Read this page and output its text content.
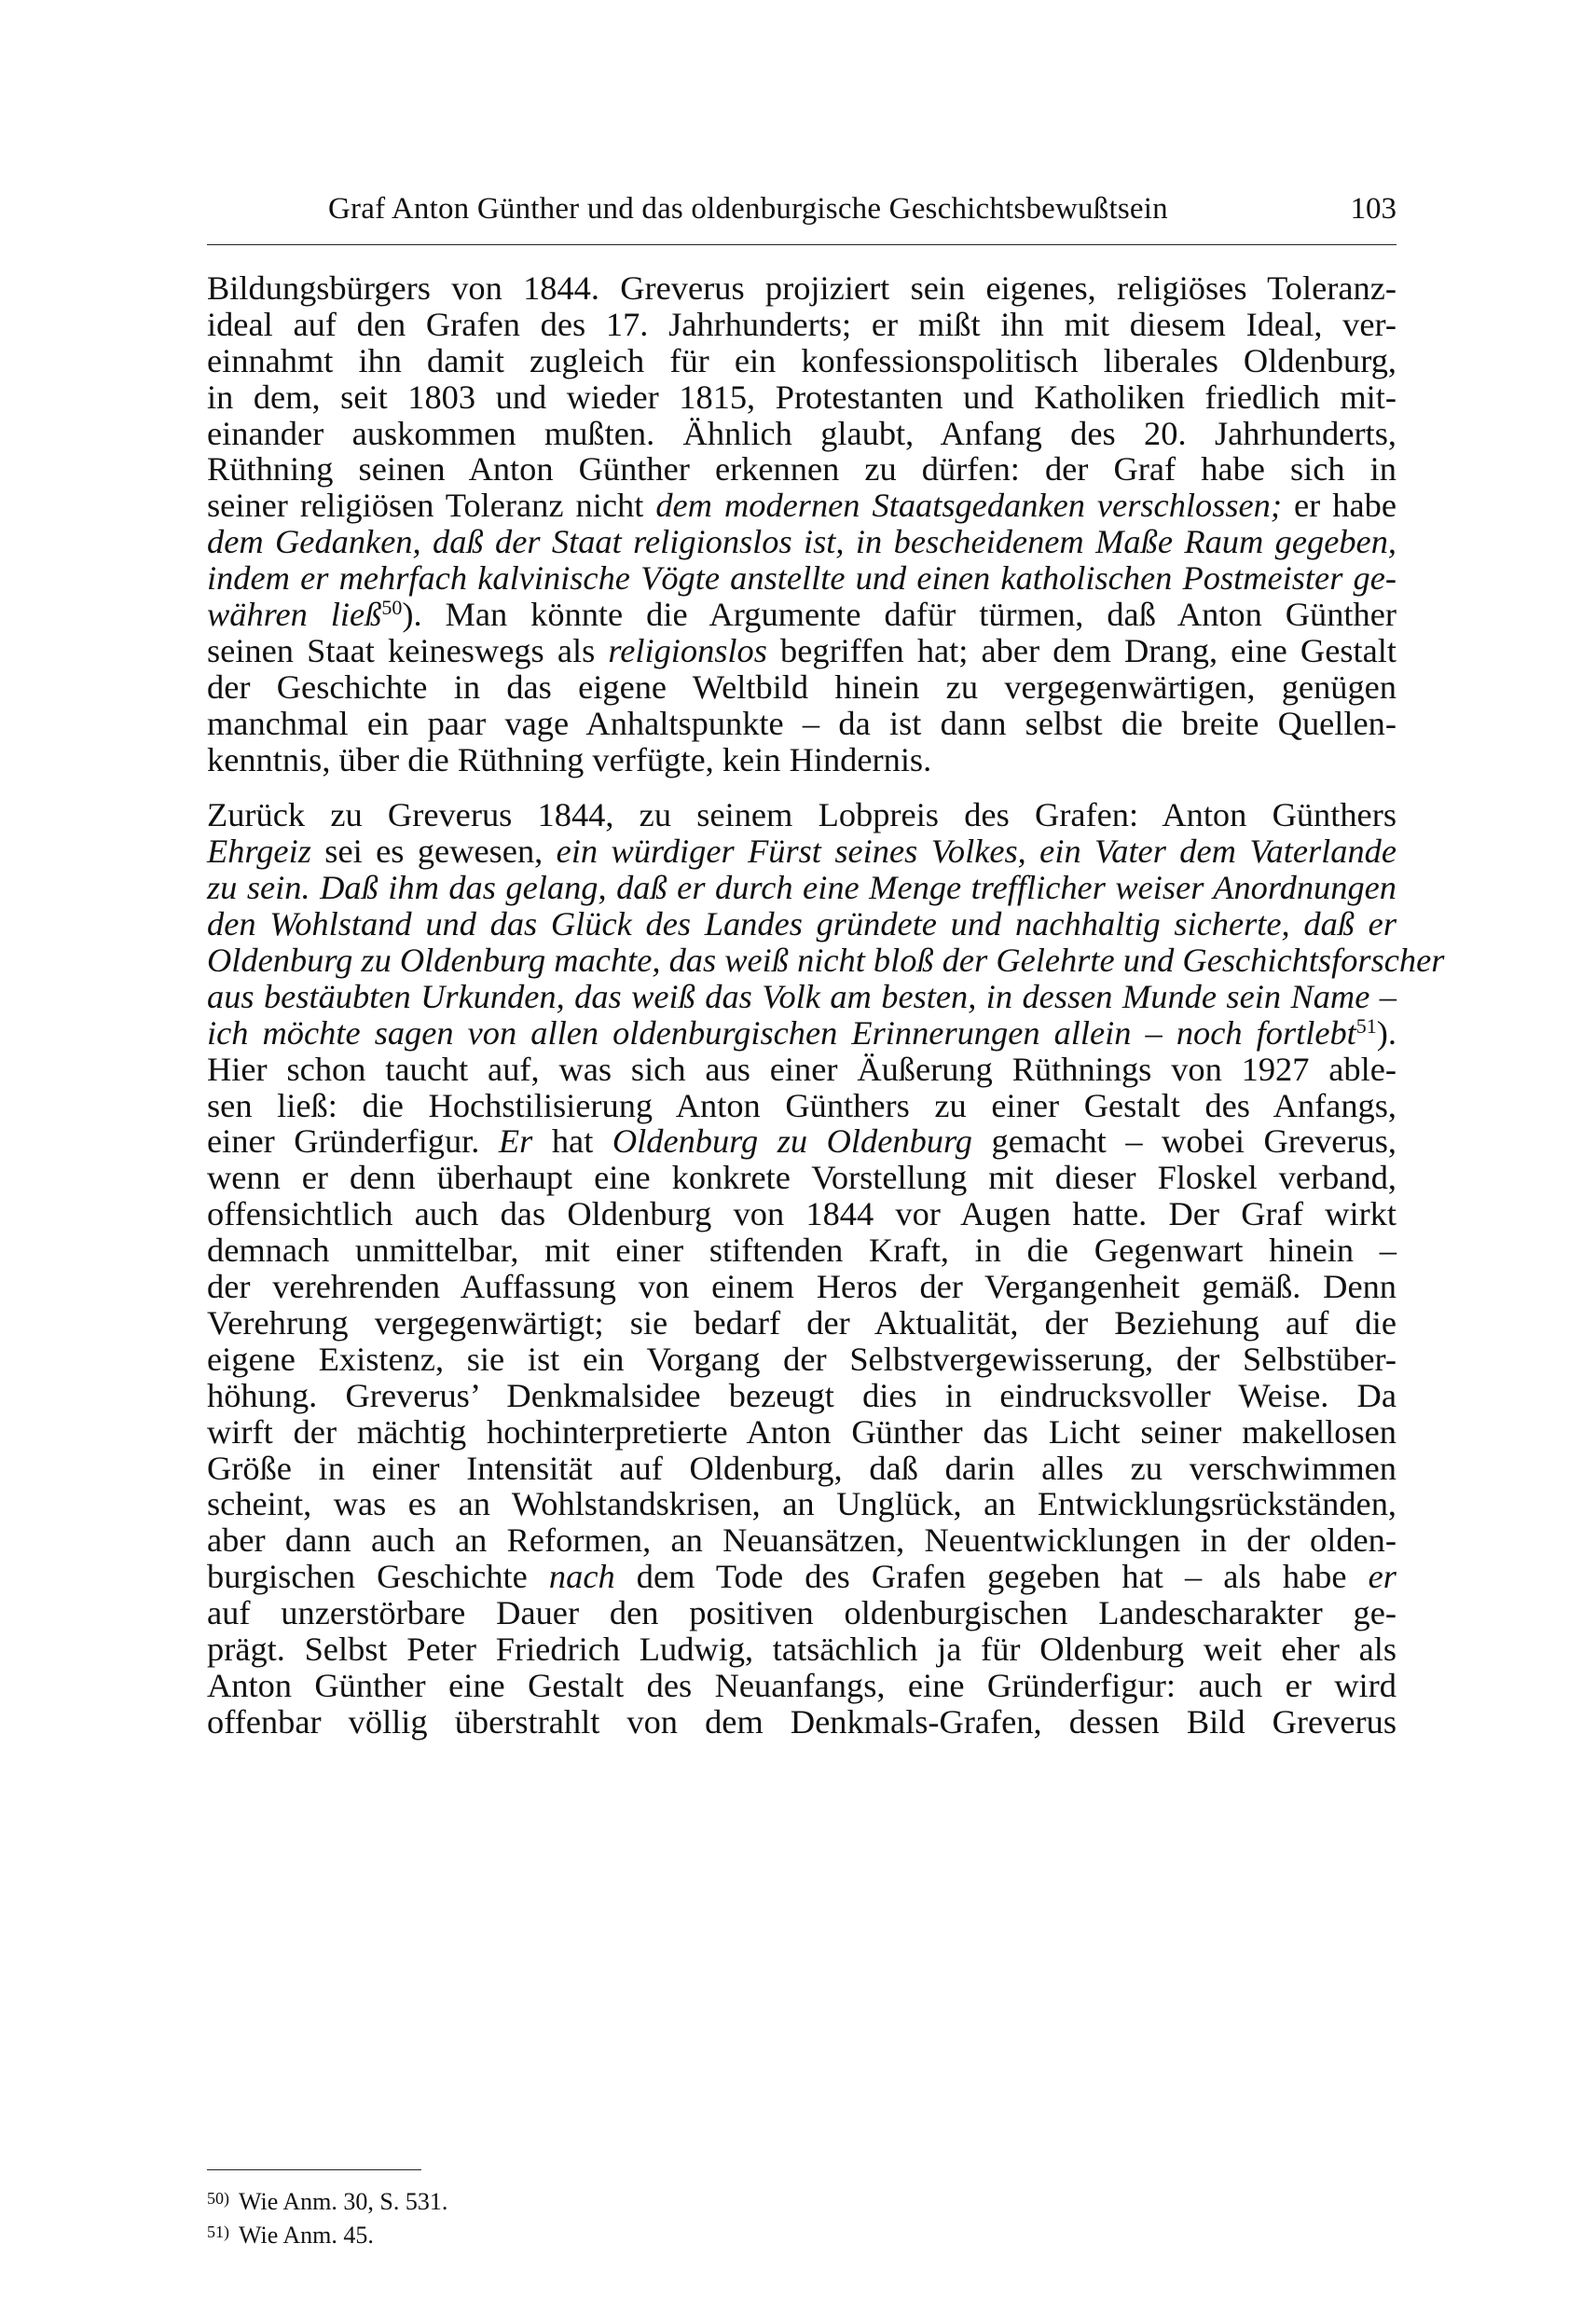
Graf Anton Günther und das oldenburgische Geschichtsbewußtsein	103

Bildungsbürgers von 1844. Greverus projiziert sein eigenes, religiöses Toleranz-
ideal auf den Grafen des 17. Jahrhunderts; er mißt ihn mit diesem Ideal, ver-
einnahmt ihn damit zugleich für ein konfessionspolitisch liberales Oldenburg,
in dem, seit 1803 und wieder 1815, Protestanten und Katholiken friedlich mit-
einander auskommen mußten. Ähnlich glaubt, Anfang des 20. Jahrhunderts,
Rüthning seinen Anton Günther erkennen zu dürfen: der Graf habe sich in
seiner religiösen Toleranz nicht dem modernen Staatsgedanken verschlossen; er habe
dem Gedanken, daß der Staat religionslos ist, in bescheidenem Maße Raum gegeben,
indem er mehrfach kalvinische Vögte anstellte und einen katholischen Postmeister ge-
währen ließ$^{50}$). Man könnte die Argumente dafür türmen, daß Anton Günther
seinen Staat keineswegs als religionslos begriffen hat; aber dem Drang, eine Gestalt
der Geschichte in das eigene Weltbild hinein zu vergegenwärtigen, genügen
manchmal ein paar vage Anhaltspunkte – da ist dann selbst die breite Quellen-
kenntnis, über die Rüthning verfügte, kein Hindernis.

Zurück zu Greverus 1844, zu seinem Lobpreis des Grafen: Anton Günthers
Ehrgeiz sei es gewesen, ein würdiger Fürst seines Volkes, ein Vater dem Vaterlande
zu sein. Daß ihm das gelang, daß er durch eine Menge trefflicher weiser Anordnungen
den Wohlstand und das Glück des Landes gründete und nachhaltig sicherte, daß er
Oldenburg zu Oldenburg machte, das weiß nicht bloß der Gelehrte und Geschichtsforscher
aus bestäubten Urkunden, das weiß das Volk am besten, in dessen Munde sein Name –
ich möchte sagen von allen oldenburgischen Erinnerungen allein – noch fortlebt$^{51}$).
Hier schon taucht auf, was sich aus einer Äußerung Rüthnings von 1927 able-
sen ließ: die Hochstilisierung Anton Günthers zu einer Gestalt des Anfangs,
einer Gründerfigur. Er hat Oldenburg zu Oldenburg gemacht – wobei Greverus,
wenn er denn überhaupt eine konkrete Vorstellung mit dieser Floskel verband,
offensichtlich auch das Oldenburg von 1844 vor Augen hatte. Der Graf wirkt
demnach unmittelbar, mit einer stiftenden Kraft, in die Gegenwart hinein –
der verehrenden Auffassung von einem Heros der Vergangenheit gemäß. Denn
Verehrung vergegenwärtigt; sie bedarf der Aktualität, der Beziehung auf die
eigene Existenz, sie ist ein Vorgang der Selbstvergewisserung, der Selbstüber-
höhung. Greverus’ Denkmalsidee bezeugt dies in eindrucksvoller Weise. Da
wirft der mächtig hochinterpretierte Anton Günther das Licht seiner makellosen
Größe in einer Intensität auf Oldenburg, daß darin alles zu verschwimmen
scheint, was es an Wohlstandskrisen, an Unglück, an Entwicklungsrückständen,
aber dann auch an Reformen, an Neuansätzen, Neuentwicklungen in der olden-
burgischen Geschichte nach dem Tode des Grafen gegeben hat – als habe er
auf unzerstörbare Dauer den positiven oldenburgischen Landescharakter ge-
prägt. Selbst Peter Friedrich Ludwig, tatsächlich ja für Oldenburg weit eher als
Anton Günther eine Gestalt des Neuanfangs, eine Gründerfigur: auch er wird
offenbar völlig überstrahlt von dem Denkmals-Grafen, dessen Bild Greverus

$^{50)}$ Wie Anm. 30, S. 531.
$^{51)}$ Wie Anm. 45.
